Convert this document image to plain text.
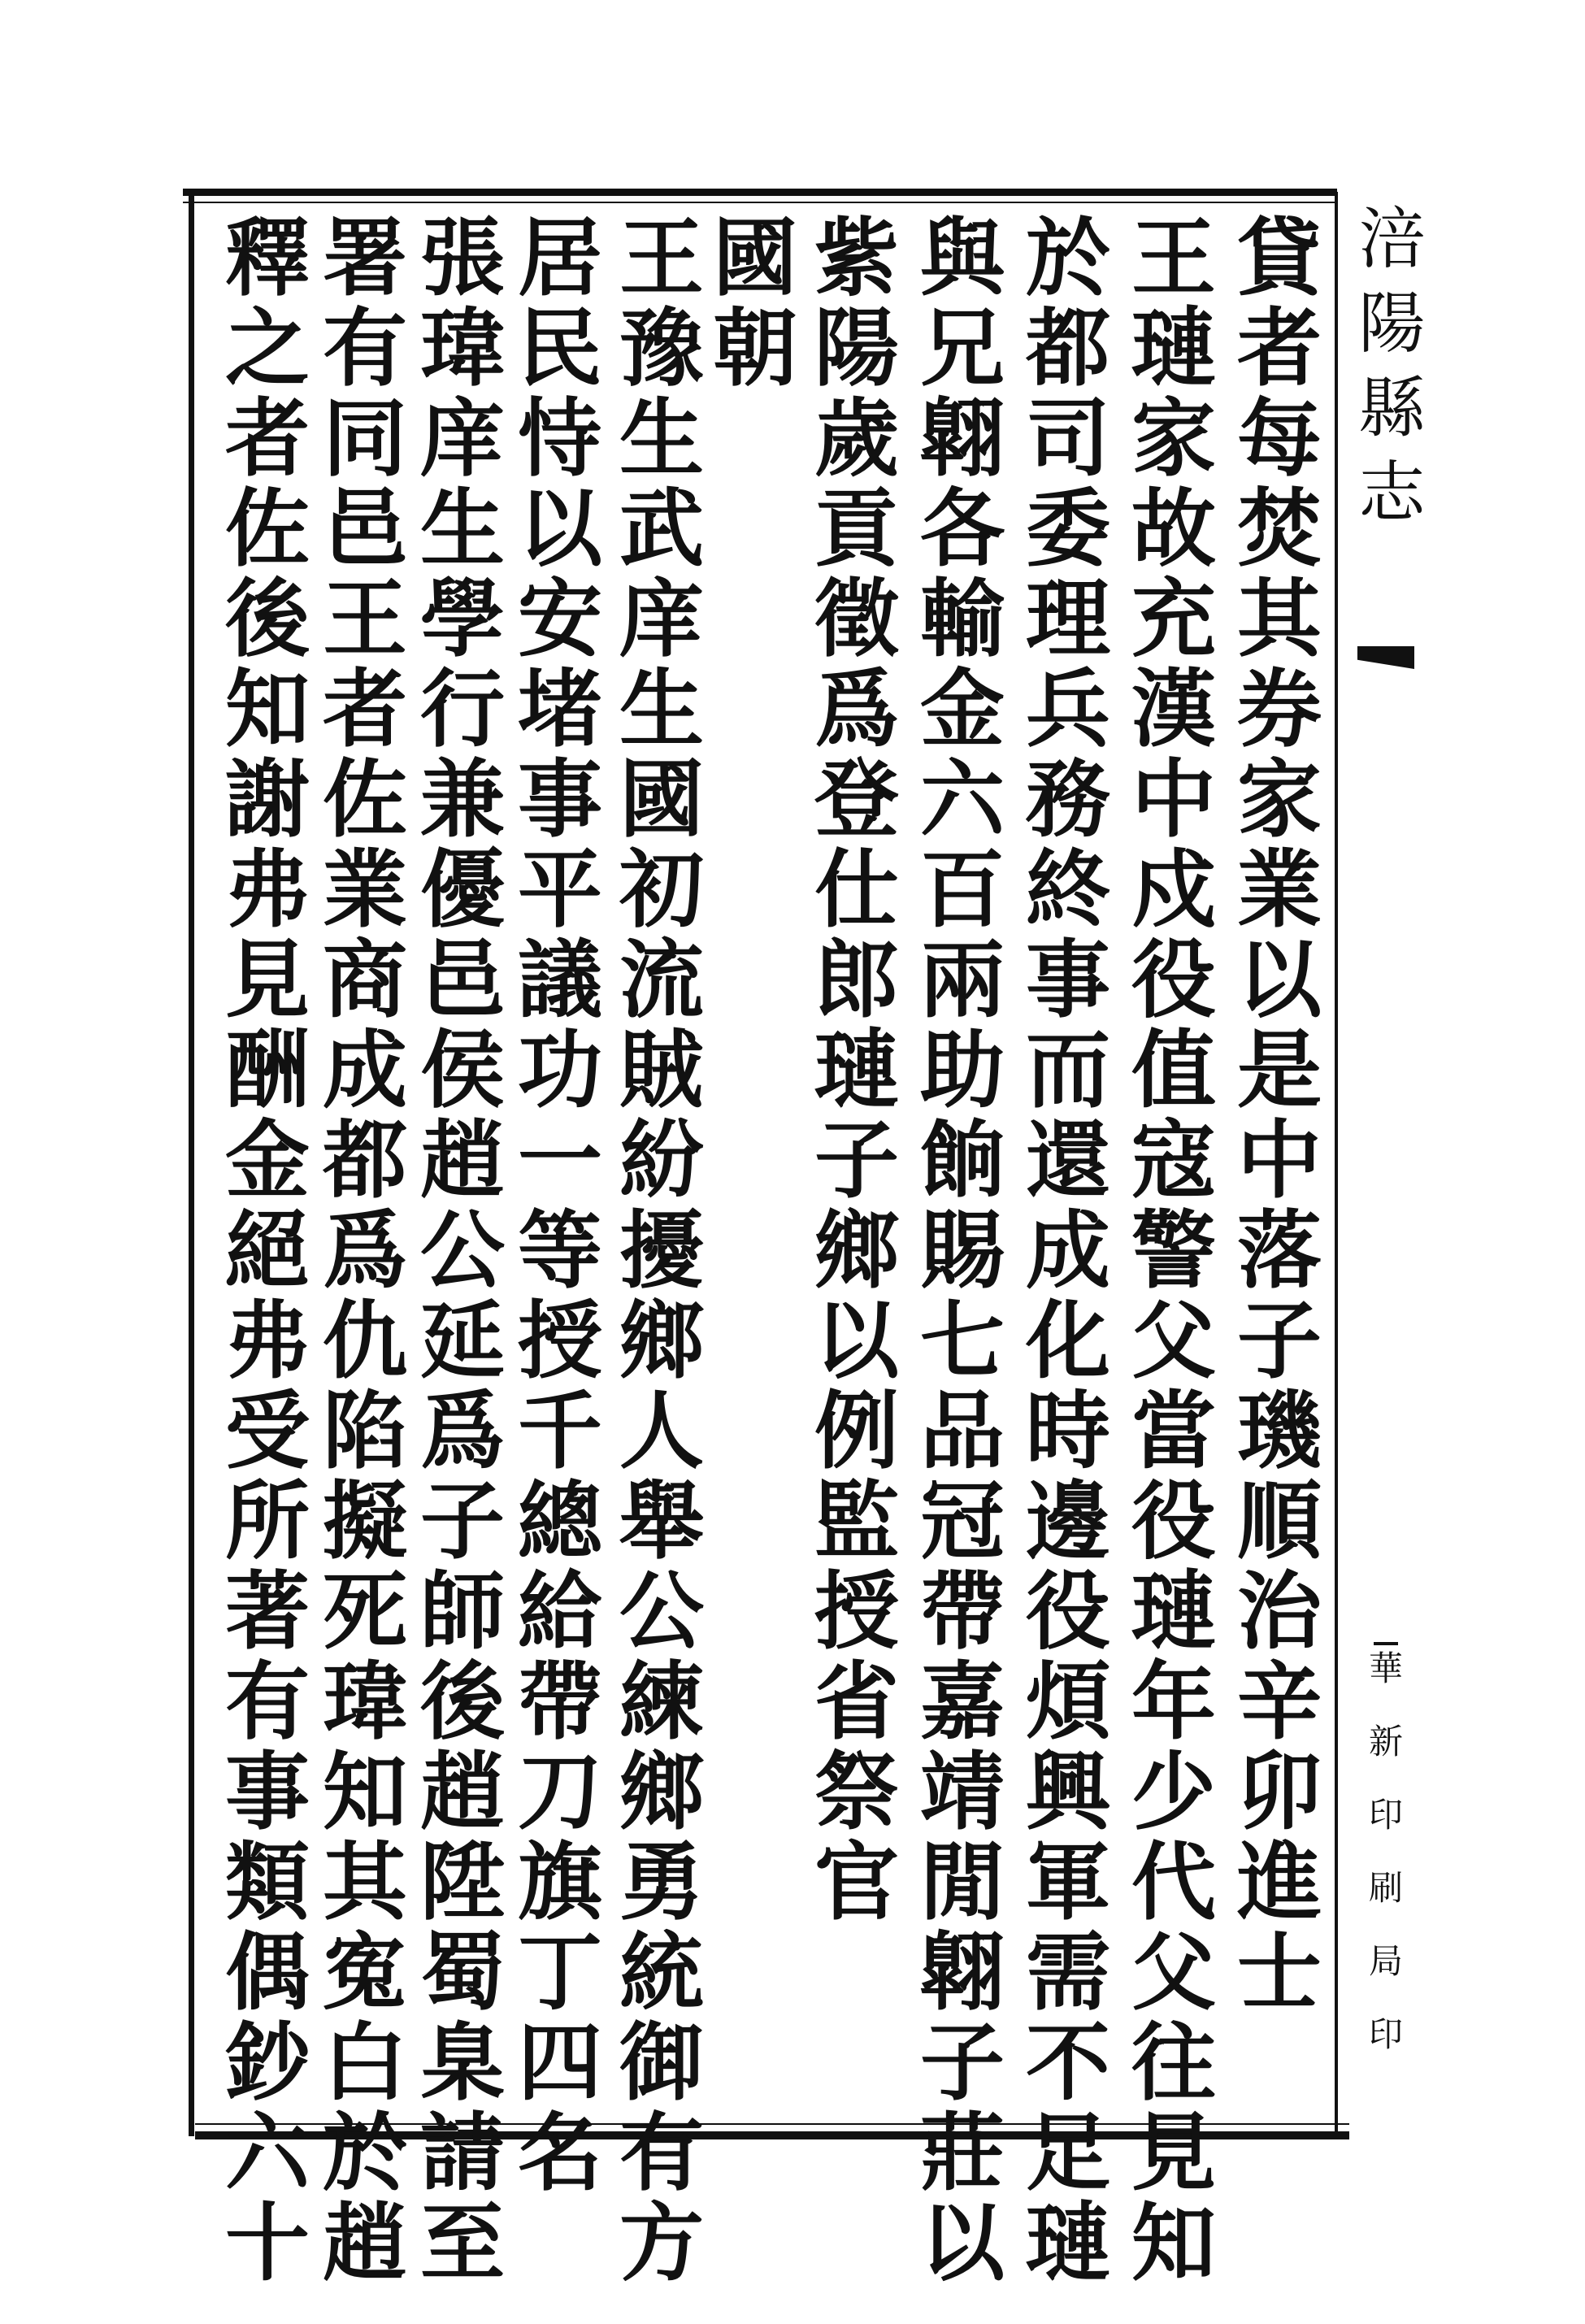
涪陽縣志
華新印刷局印
貸者每焚其券家業以是中落子璣順治辛卯進士
王璉家故充漢中戍役值寇警父當役璉年少代父往見知
於都司委理兵務終事而還成化時邊役煩興軍需不足璉
與兄翺各輸金六百兩助餉賜七品冠帶嘉靖閒翺子莊以
紫陽歲貢徵爲登仕郎璉子鄉以例監授省祭官
國朝
王豫生武庠生國初流賊紛擾鄉人舉公練鄉勇統御有方
居民恃以安堵事平議功一等授千總給帶刀旗丁四名
張瑋庠生學行兼優邑侯趙公延爲子師後趙陞蜀臬請至
署有同邑王者佐業商成都爲仇陷擬死瑋知其寃白於趙
釋之者佐後知謝弗見酬金絕弗受所著有事類偶鈔六十
